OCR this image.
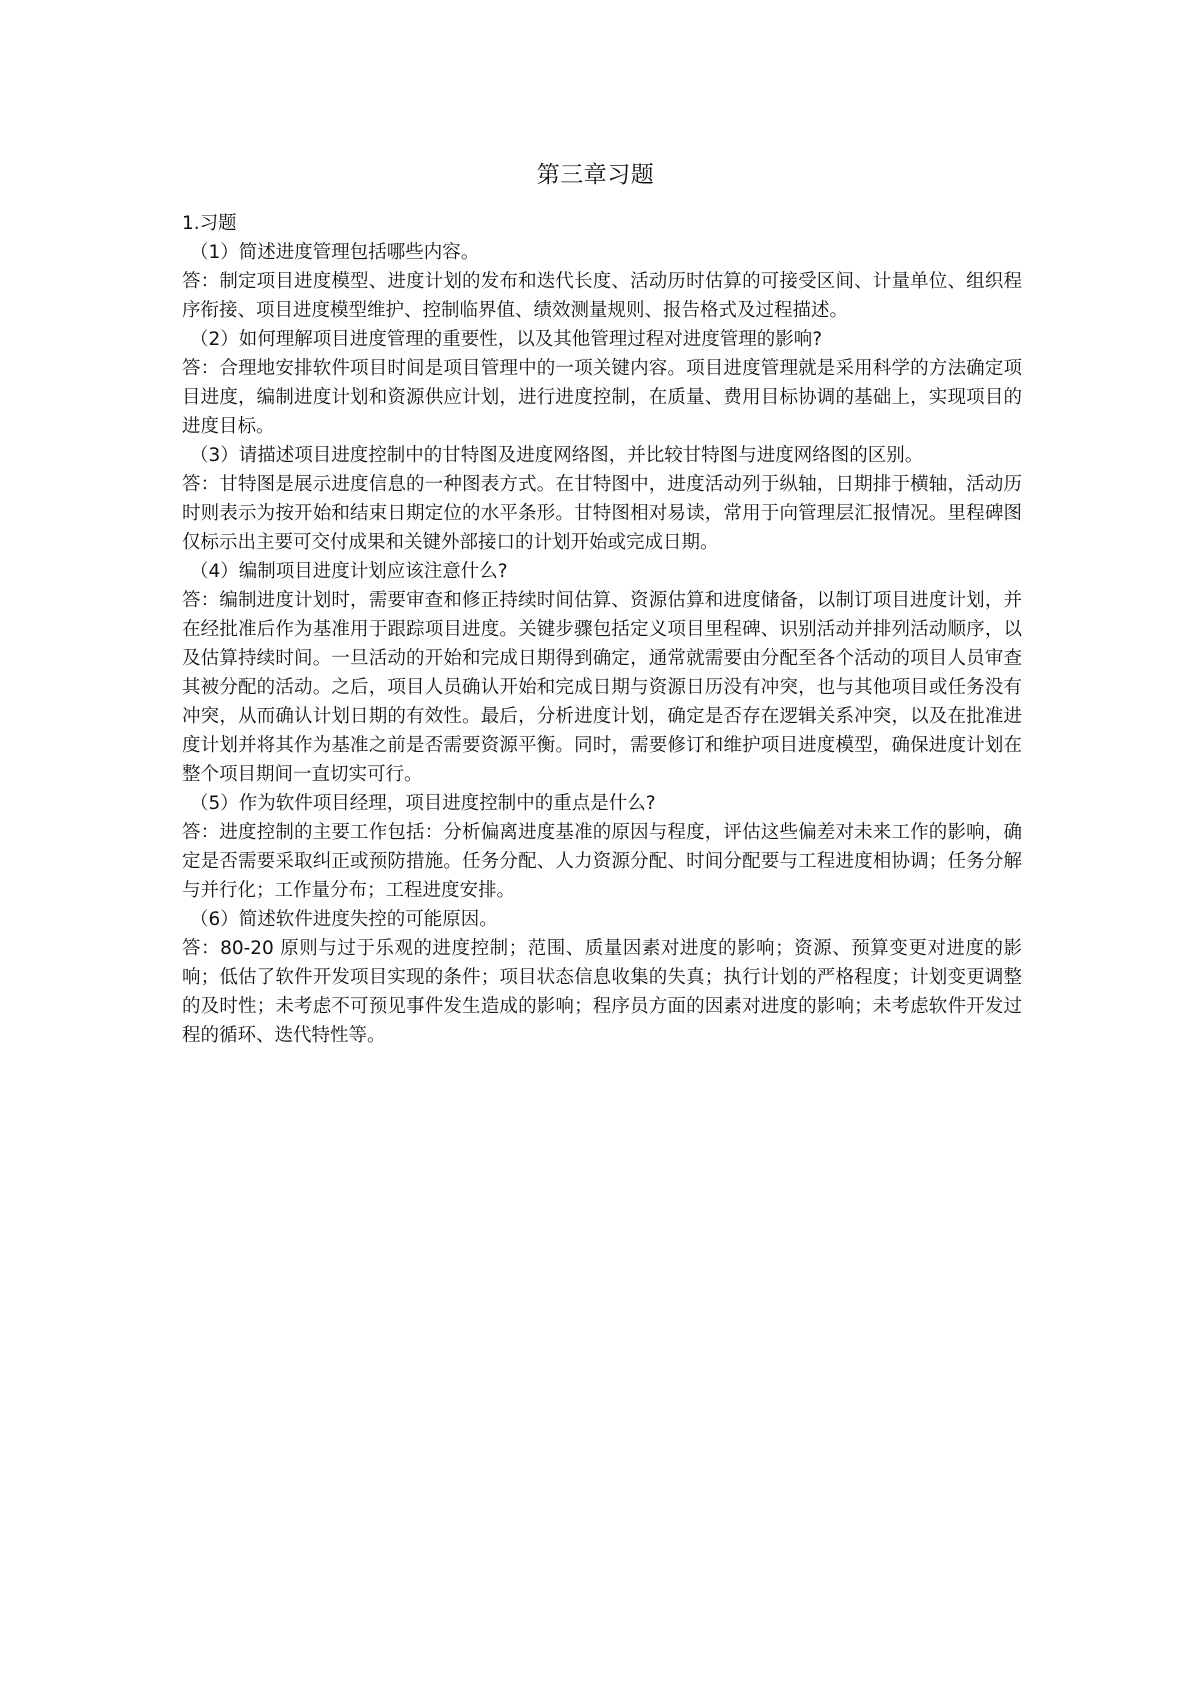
第三章习题

1.习题

（1）简述进度管理包括哪些内容。

答：制定项目进度模型、进度计划的发布和迭代长度、活动历时估算的可接受区间、计量单位、组织程序衔接、项目进度模型维护、控制临界值、绩效测量规则、报告格式及过程描述。

（2）如何理解项目进度管理的重要性，以及其他管理过程对进度管理的影响?

答：合理地安排软件项目时间是项目管理中的一项关键内容。项目进度管理就是采用科学的方法确定项目进度，编制进度计划和资源供应计划，进行进度控制，在质量、费用目标协调的基础上，实现项目的进度目标。

（3）请描述项目进度控制中的甘特图及进度网络图，并比较甘特图与进度网络图的区别。

答：甘特图是展示进度信息的一种图表方式。在甘特图中，进度活动列于纵轴，日期排于横轴，活动历时则表示为按开始和结束日期定位的水平条形。甘特图相对易读，常用于向管理层汇报情况。里程碑图仅标示出主要可交付成果和关键外部接口的计划开始或完成日期。

（4）编制项目进度计划应该注意什么?

答：编制进度计划时，需要审查和修正持续时间估算、资源估算和进度储备，以制订项目进度计划，并在经批准后作为基准用于跟踪项目进度。关键步骤包括定义项目里程碑、识别活动并排列活动顺序，以及估算持续时间。一旦活动的开始和完成日期得到确定，通常就需要由分配至各个活动的项目人员审查其被分配的活动。之后，项目人员确认开始和完成日期与资源日历没有冲突，也与其他项目或任务没有冲突，从而确认计划日期的有效性。最后，分析进度计划，确定是否存在逻辑关系冲突，以及在批准进度计划并将其作为基准之前是否需要资源平衡。同时，需要修订和维护项目进度模型，确保进度计划在整个项目期间一直切实可行。

（5）作为软件项目经理，项目进度控制中的重点是什么?

答：进度控制的主要工作包括：分析偏离进度基准的原因与程度，评估这些偏差对未来工作的影响，确定是否需要采取纠正或预防措施。任务分配、人力资源分配、时间分配要与工程进度相协调；任务分解与并行化；工作量分布；工程进度安排。

（6）简述软件进度失控的可能原因。

答：80-20 原则与过于乐观的进度控制；范围、质量因素对进度的影响；资源、预算变更对进度的影响；低估了软件开发项目实现的条件；项目状态信息收集的失真；执行计划的严格程度；计划变更调整的及时性；未考虑不可预见事件发生造成的影响；程序员方面的因素对进度的影响；未考虑软件开发过程的循环、迭代特性等。
